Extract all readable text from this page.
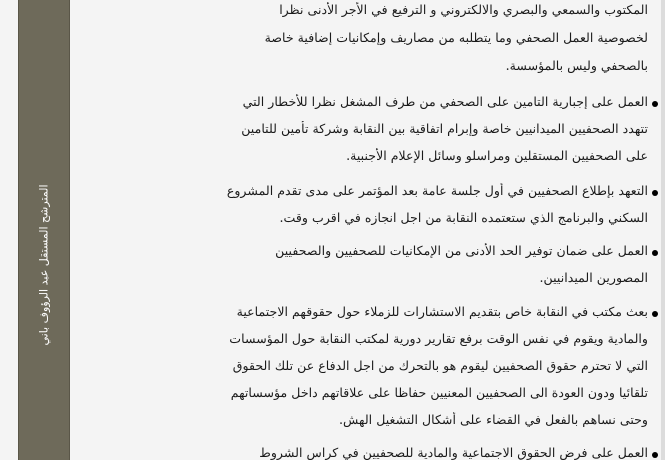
المترشح المستقل عبد الرؤوف باني
المكتوب والسمعي والبصري والالكتروني و الترفيع في الأجر الأدنى نظرا
لخصوصية العمل الصحفي وما يتطلبه من مصاريف وإمكانيات إضافية خاصة
بالصحفي وليس بالمؤسسة.
العمل على إجبارية التامين على الصحفي من طرف المشغل نظرا للأخطار التي
تتهدد الصحفيين الميدانيين خاصة وإبرام اتفاقية بين النقابة وشركة تأمين للتامين
على الصحفيين المستقلين ومراسلو وسائل الإعلام الأجنبية.
التعهد بإطلاع الصحفيين في أول جلسة عامة بعد المؤتمر على مدى تقدم المشروع
السكني والبرنامج الذي ستعتمده النقابة من اجل انجازه في اقرب وقت.
العمل على ضمان توفير الحد الأدنى من الإمكانيات للصحفيين والصحفيين
المصورين الميدانيين.
بعث مكتب في النقابة خاص بتقديم الاستشارات للزملاء حول حقوقهم الاجتماعية
والمادية ويقوم في نفس الوقت برفع تقارير دورية لمكتب النقابة حول المؤسسات
التي لا تحترم حقوق الصحفيين ليقوم هو بالتحرك من اجل الدفاع عن تلك الحقوق
تلقائيا ودون العودة الى الصحفيين المعنيين حفاظا على علاقاتهم داخل مؤسساتهم
وحتى نساهم بالفعل في القضاء على أشكال التشغيل الهش.
العمل على فرض الحقوق الاجتماعية والمادية للصحفيين في كراس الشروط
